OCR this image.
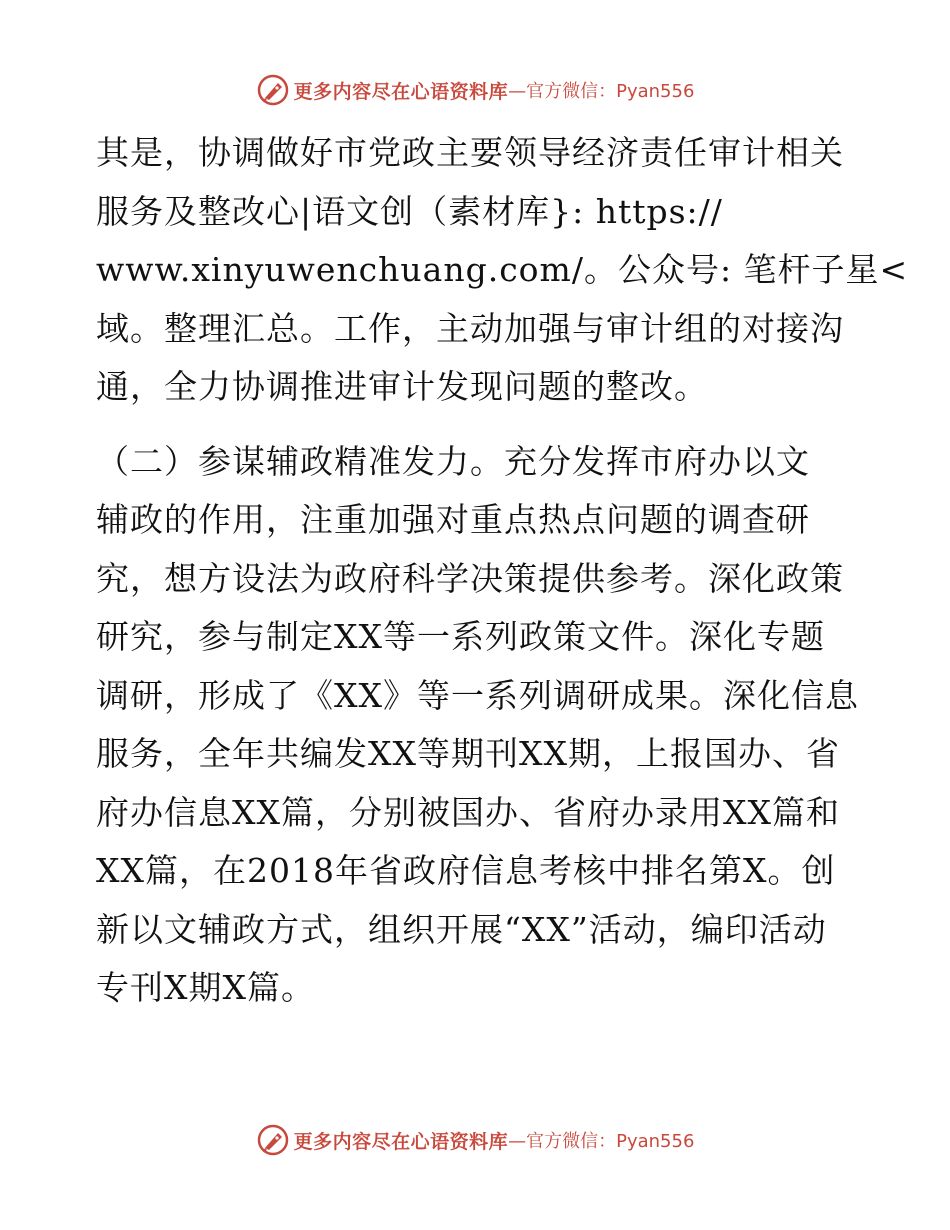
更多内容尽在心语资料库 —官方微信：Pyan556
其是，协调做好市党政主要领导经济责任审计相关
服务及整改心|语文创（素材库}: https://
www.xinyuwenchuang.com/。公众号: 笔杆子星<
域。整理汇总。工作，主动加强与审计组的对接沟
通，全力协调推进审计发现问题的整改。
（二）参谋辅政精准发力。充分发挥市府办以文
辅政的作用，注重加强对重点热点问题的调查研
究，想方设法为政府科学决策提供参考。深化政策
研究，参与制定XX等一系列政策文件。深化专题
调研，形成了《XX》等一系列调研成果。深化信息
服务，全年共编发XX等期刊XX期，上报国办、省
府办信息XX篇，分别被国办、省府办录用XX篇和
XX篇，在2018年省政府信息考核中排名第X。创
新以文辅政方式，组织开展“XX”活动，编印活动
专刊X期X篇。
更多内容尽在心语资料库 —官方微信：Pyan556
